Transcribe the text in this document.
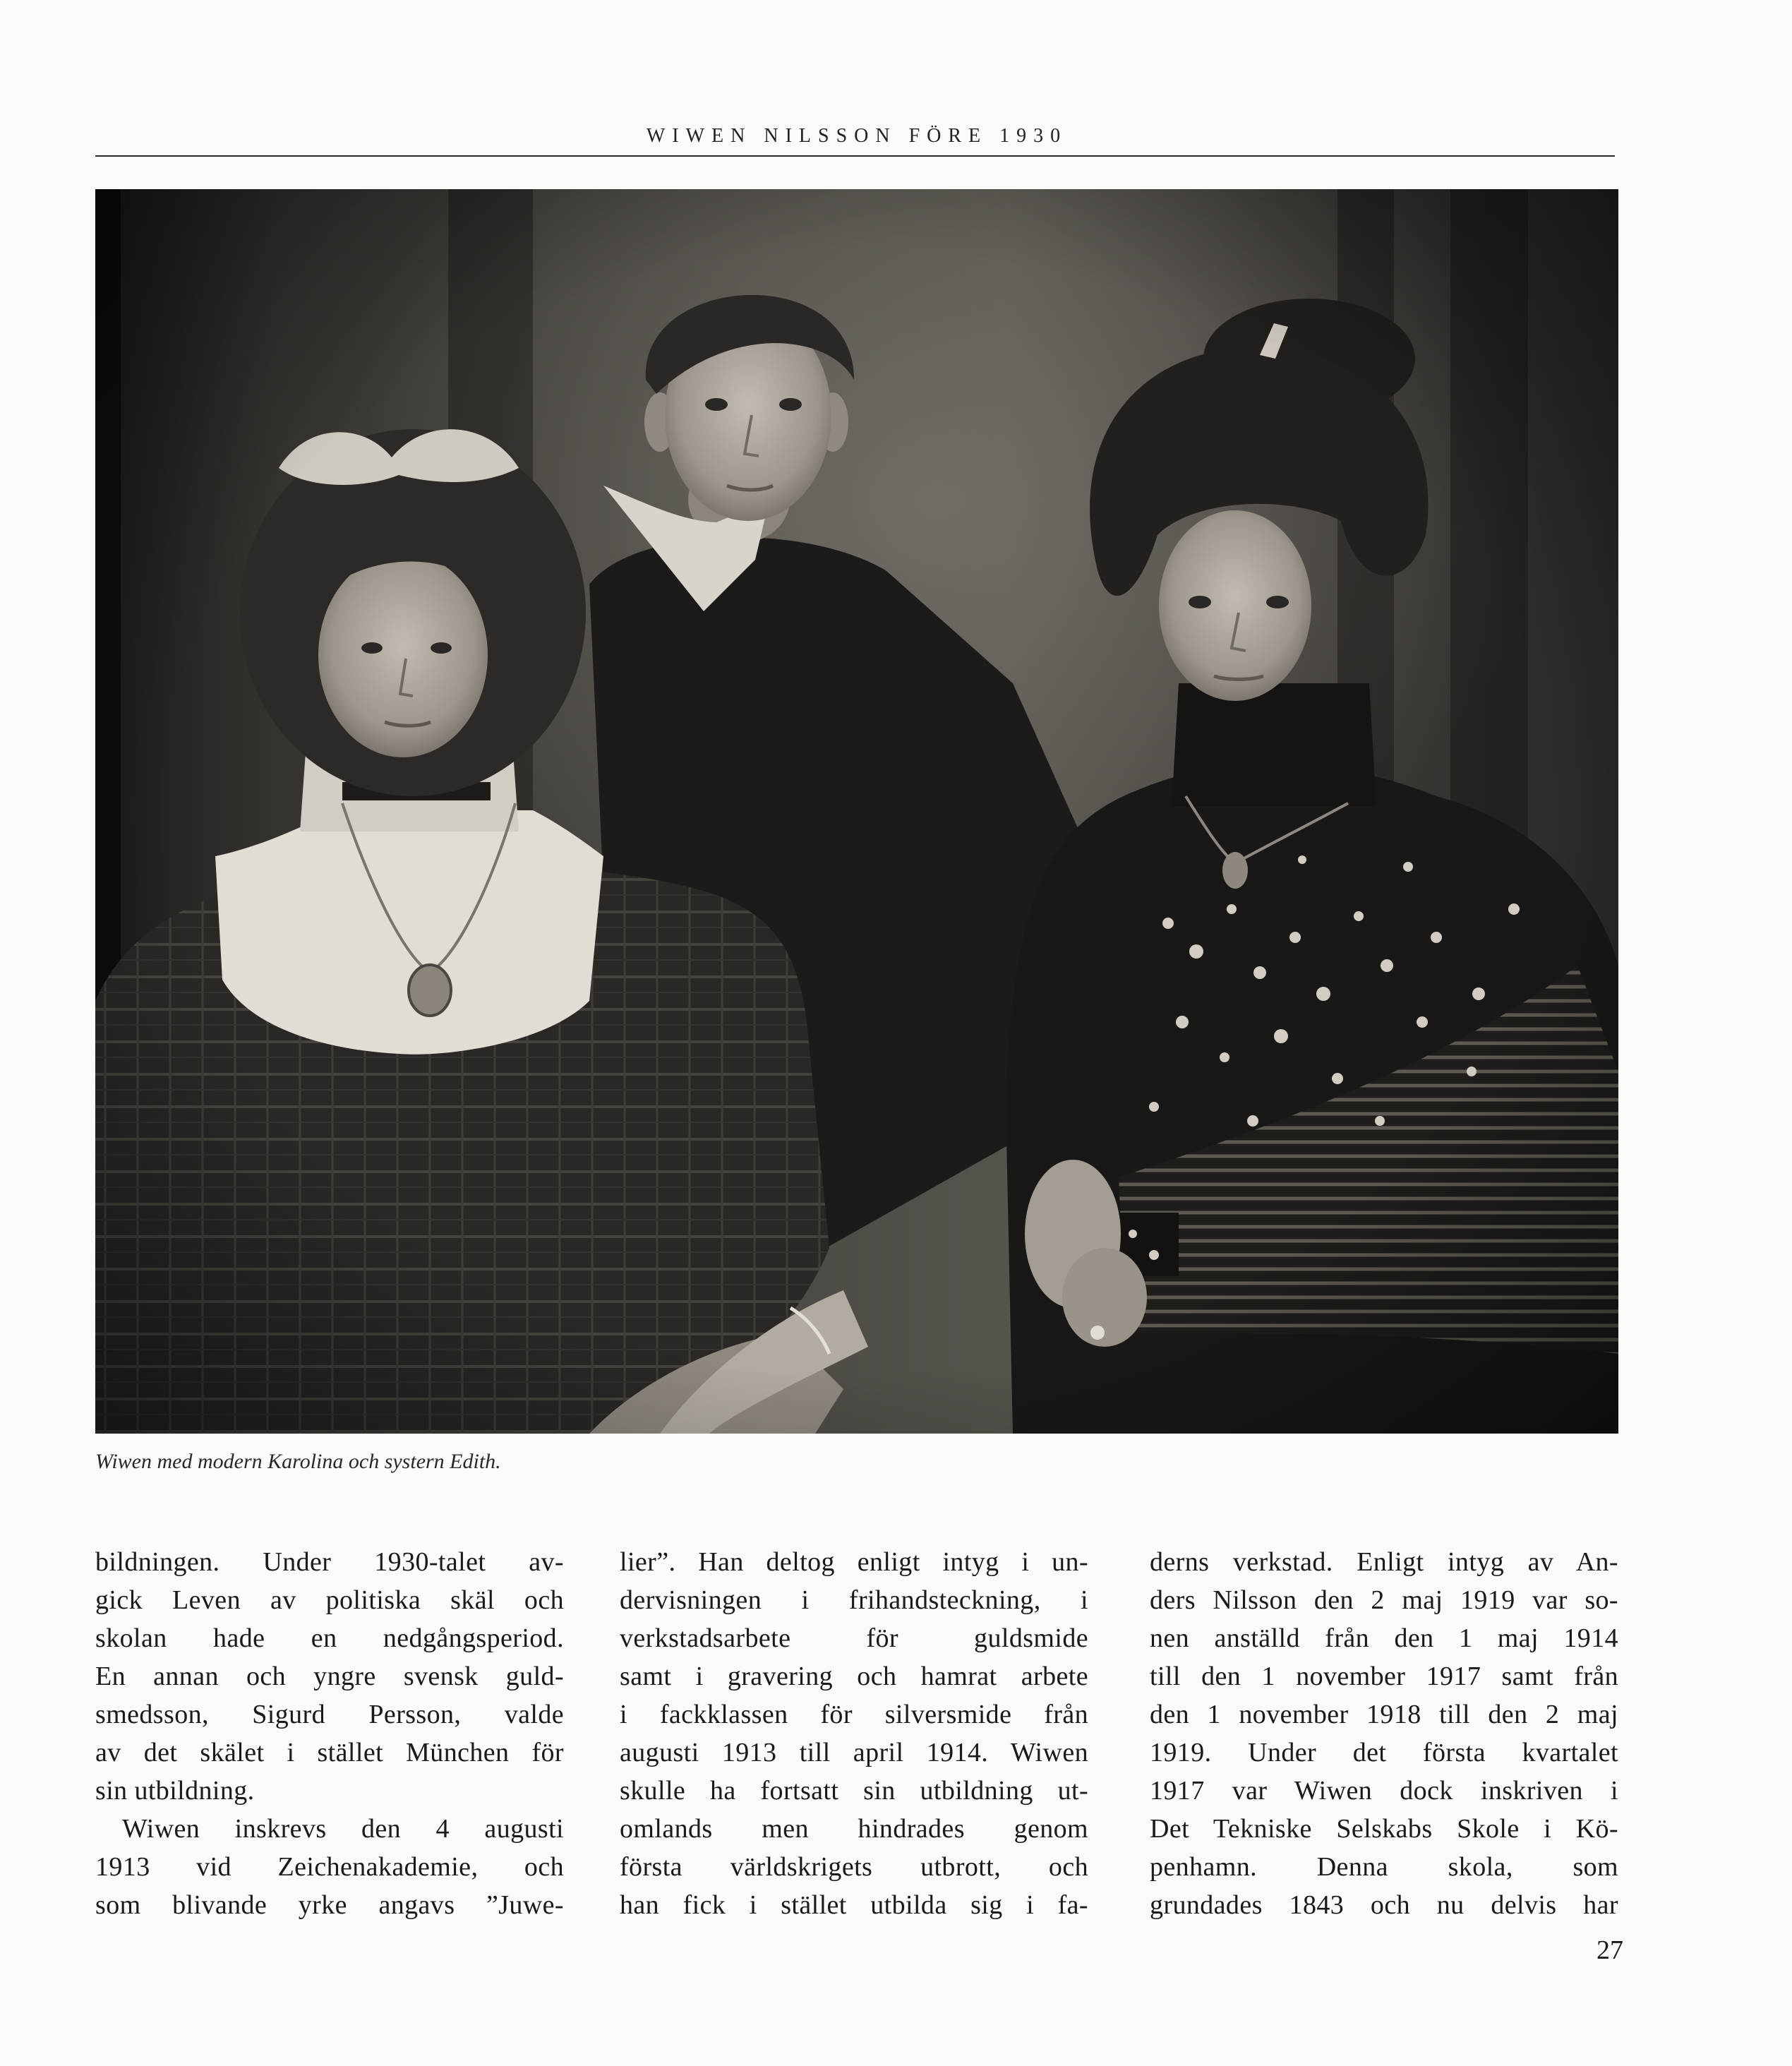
WIWEN NILSSON FÖRE 1930
Wiwen med modern Karolina och systern Edith.
bildningen. Under 1930-talet av-
gick Leven av politiska skäl och
skolan hade en nedgångsperiod.
En annan och yngre svensk guld-
smedsson, Sigurd Persson, valde
av det skälet i stället München för
sin utbildning.
Wiwen inskrevs den 4 augusti
1913 vid Zeichenakademie, och
som blivande yrke angavs ”Juwe-
lier”. Han deltog enligt intyg i un-
dervisningen i frihandsteckning, i
verkstadsarbete för guldsmide
samt i gravering och hamrat arbete
i fackklassen för silversmide från
augusti 1913 till april 1914. Wiwen
skulle ha fortsatt sin utbildning ut-
omlands men hindrades genom
första världskrigets utbrott, och
han fick i stället utbilda sig i fa-
derns verkstad. Enligt intyg av An-
ders Nilsson den 2 maj 1919 var so-
nen anställd från den 1 maj 1914
till den 1 november 1917 samt från
den 1 november 1918 till den 2 maj
1919. Under det första kvartalet
1917 var Wiwen dock inskriven i
Det Tekniske Selskabs Skole i Kö-
penhamn. Denna skola, som
grundades 1843 och nu delvis har
27
